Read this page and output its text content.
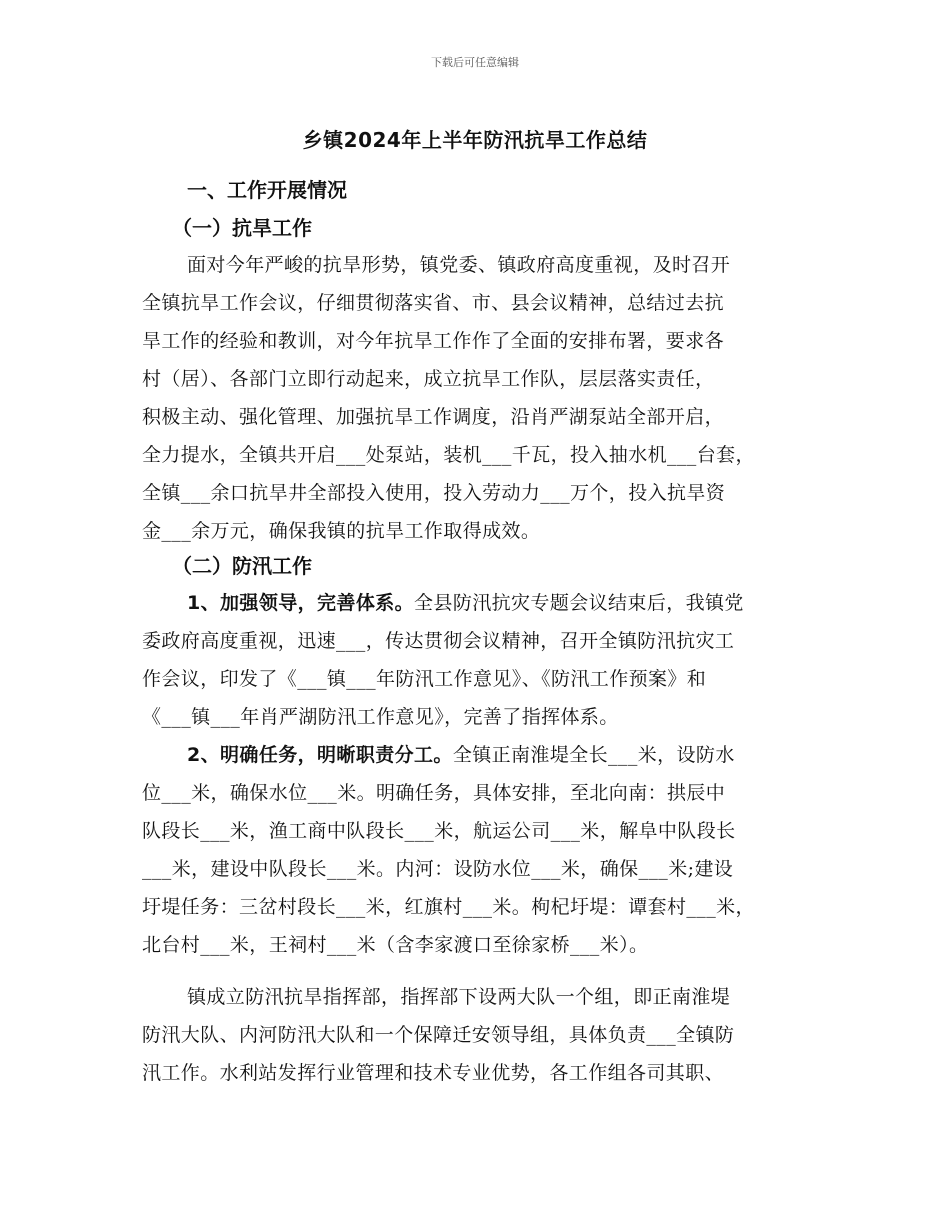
下载后可任意编辑
乡镇2024年上半年防汛抗旱工作总结
一、工作开展情况
（一）抗旱工作
面对今年严峻的抗旱形势，镇党委、镇政府高度重视，及时召开
全镇抗旱工作会议，仔细贯彻落实省、市、县会议精神，总结过去抗
旱工作的经验和教训，对今年抗旱工作作了全面的安排布署，要求各
村（居）、各部门立即行动起来，成立抗旱工作队，层层落实责任，
积极主动、强化管理、加强抗旱工作调度，沿肖严湖泵站全部开启，
全力提水，全镇共开启___处泵站，装机___千瓦，投入抽水机___台套，
全镇___余口抗旱井全部投入使用，投入劳动力___万个，投入抗旱资
金___余万元，确保我镇的抗旱工作取得成效。
（二）防汛工作
1、加强领导，完善体系。全县防汛抗灾专题会议结束后，我镇党
委政府高度重视，迅速___，传达贯彻会议精神，召开全镇防汛抗灾工
作会议，印发了《___镇___年防汛工作意见》、《防汛工作预案》和
《___镇___年肖严湖防汛工作意见》，完善了指挥体系。
2、明确任务，明晰职责分工。全镇正南淮堤全长___米，设防水
位___米，确保水位___米。明确任务，具体安排，至北向南：拱辰中
队段长___米，渔工商中队段长___米，航运公司___米，解阜中队段长
___米，建设中队段长___米。内河：设防水位___米，确保___米;建设
圩堤任务：三岔村段长___米，红旗村___米。枸杞圩堤：谭套村___米，
北台村___米，王祠村___米（含李家渡口至徐家桥___米）。
镇成立防汛抗旱指挥部，指挥部下设两大队一个组，即正南淮堤
防汛大队、内河防汛大队和一个保障迁安领导组，具体负责___全镇防
汛工作。水利站发挥行业管理和技术专业优势，各工作组各司其职、
